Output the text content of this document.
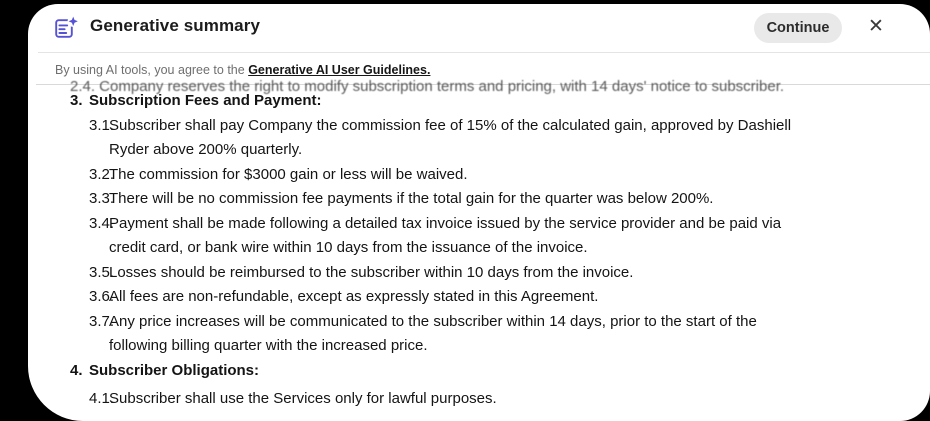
Generative summary	Continue	✕
By using AI tools, you agree to the Generative AI User Guidelines.
2.4. Company reserves the right to modify subscription terms and pricing, with 14 days' notice to subscriber.
3. Subscription Fees and Payment:
3.1.
Subscriber shall pay Company the commission fee of 15% of the calculated gain, approved by Dashiell
Ryder above 200% quarterly.
3.2.
The commission for $3000 gain or less will be waived.
3.3.
There will be no commission fee payments if the total gain for the quarter was below 200%.
3.4.
Payment shall be made following a detailed tax invoice issued by the service provider and be paid via
credit card, or bank wire within 10 days from the issuance of the invoice.
3.5.
Losses should be reimbursed to the subscriber within 10 days from the invoice.
3.6.
All fees are non-refundable, except as expressly stated in this Agreement.
3.7.
Any price increases will be communicated to the subscriber within 14 days, prior to the start of the
following billing quarter with the increased price.
4. Subscriber Obligations:
4.1.
Subscriber shall use the Services only for lawful purposes.
